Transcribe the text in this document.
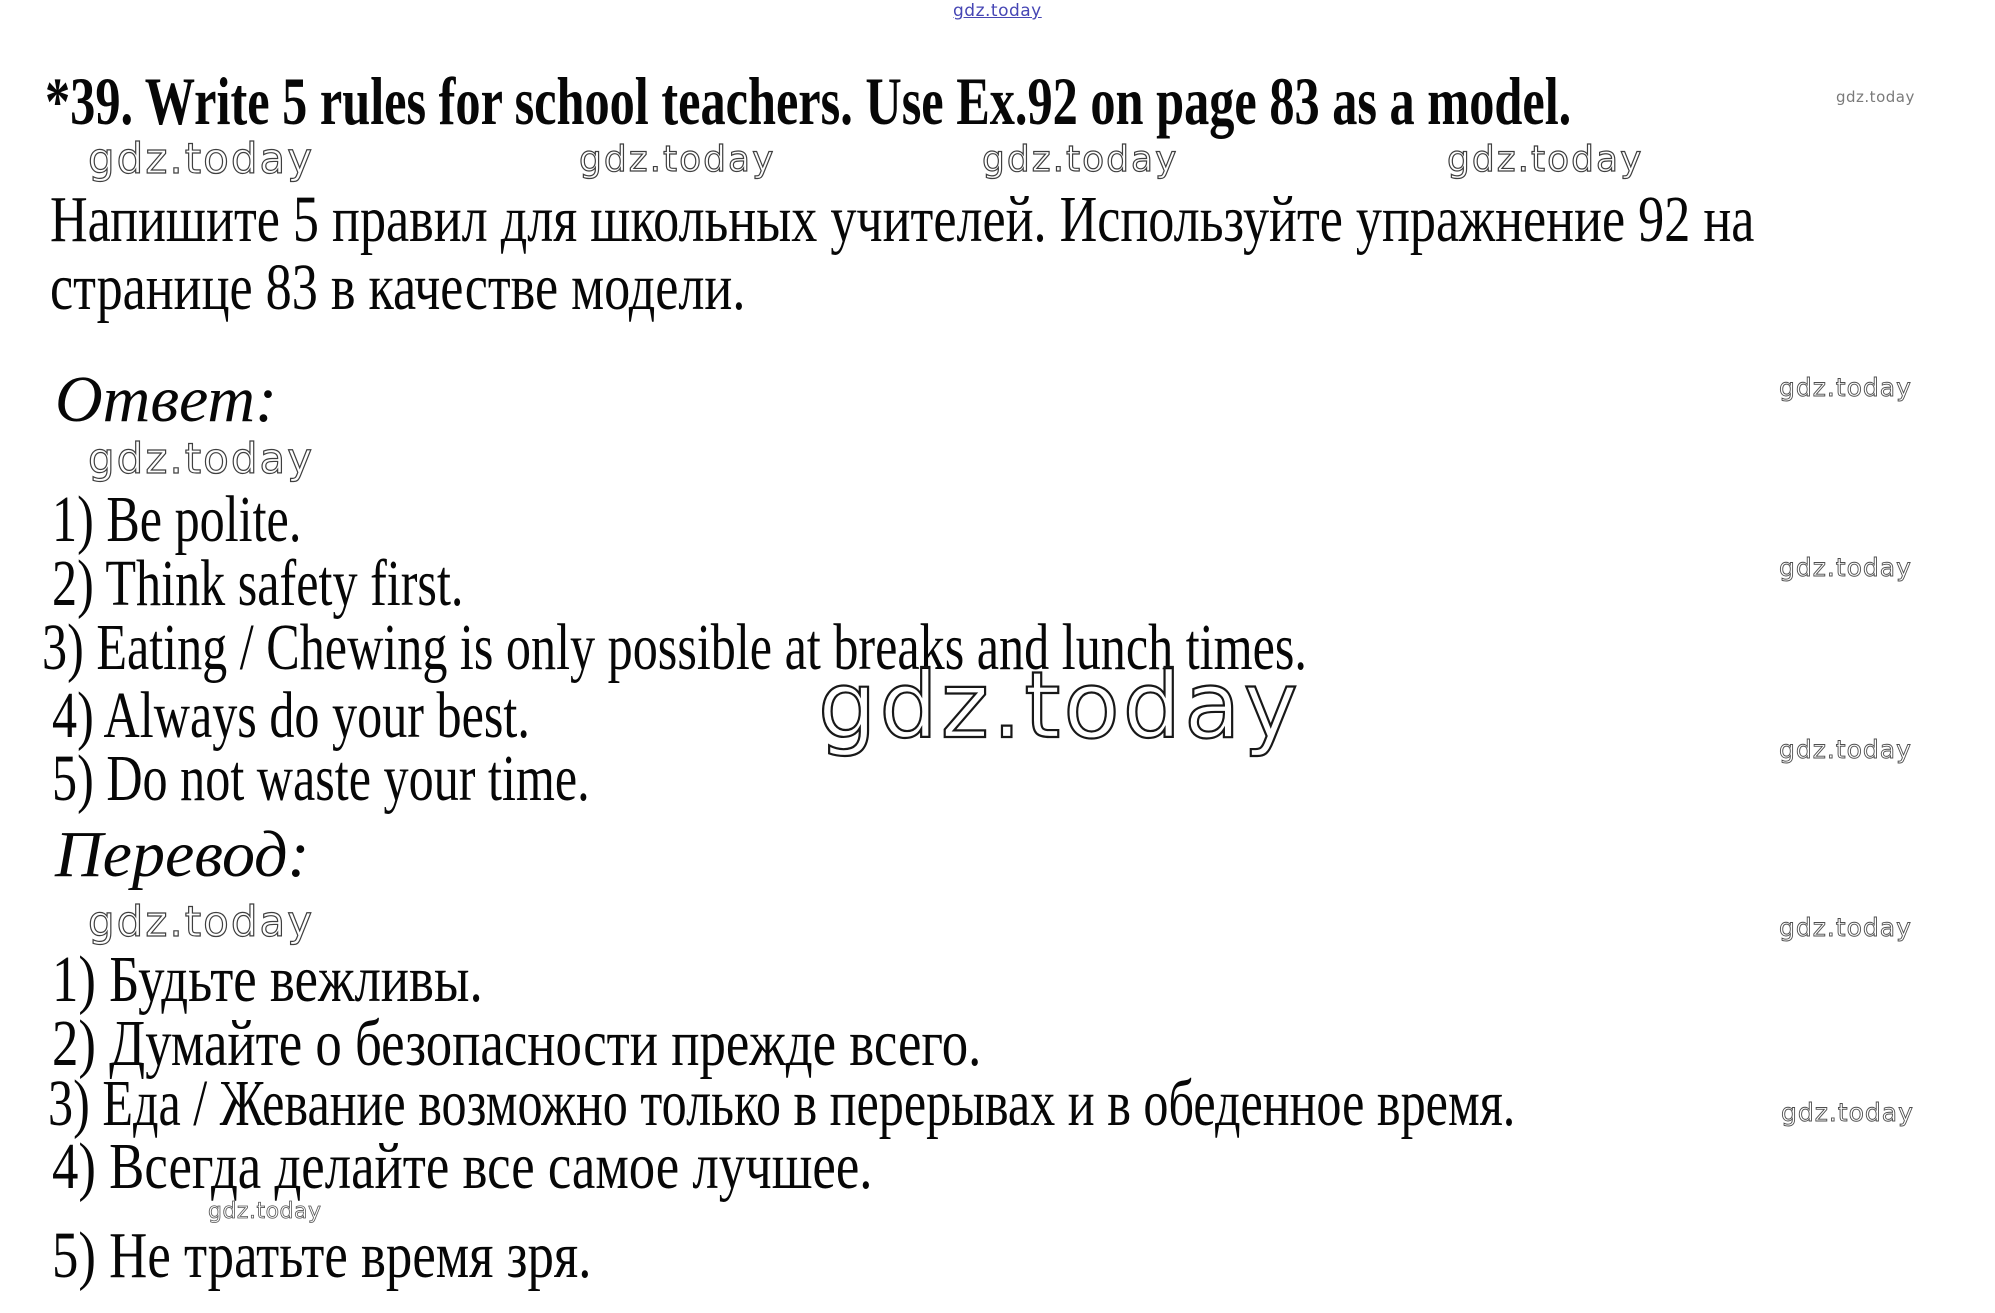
gdz.today
*39. Write 5 rules for school teachers. Use Ex.92 on page 83 as a model.	gdz.today
gdz.today	gdz.today	gdz.today	gdz.today
Напишите 5 правил для школьных учителей. Используйте упражнение 92 на
странице 83 в качестве модели.
Ответ:	gdz.today
gdz.today
gdz.today
gdz.today
gdz.today
1) Be polite.
2) Think safety first.
3) Eating / Chewing is only possible at breaks and lunch times.
4) Always do your best.
5) Do not waste your time.
gdz.today
Перевод:
gdz.today
1) Будьте вежливы.
2) Думайте о безопасности прежде всего.
3) Еда / Жевание возможно только в перерывах и в обеденное время.
4) Всегда делайте все самое лучшее.
5) Не тратьте время зря.
gdz.today
gdz.today
